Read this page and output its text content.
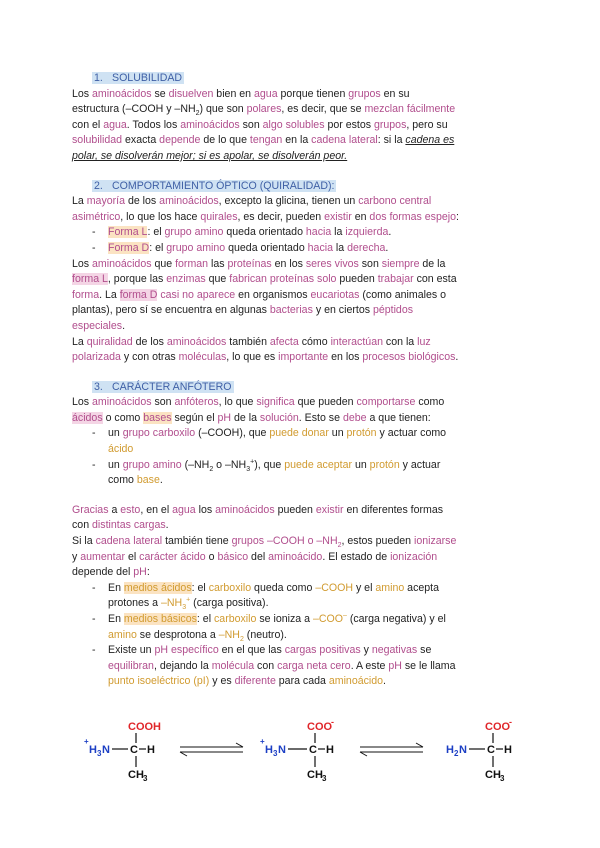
1. SOLUBILIDAD

Los aminoácidos se disuelven bien en agua porque tienen grupos en su

estructura (–COOH y $-NH_2$) que son polares, es decir, que se mezclan fácilmente

con el agua. Todos los aminoácidos son algo solubles por estos grupos, pero su

solubilidad exacta depende de lo que tengan en la cadena lateral: si la cadena es

polar, se disolverán mejor; si es apolar, se disolverán peor.

2. COMPORTAMIENTO ÓPTICO (QUIRALIDAD):

La mayoría de los aminoácidos, excepto la glicina, tienen un carbono central

asimétrico, lo que los hace quirales, es decir, pueden existir en dos formas espejo:

- Forma L: el grupo amino queda orientado hacia la izquierda.

- Forma D: el grupo amino queda orientado hacia la derecha.

Los aminoácidos que forman las proteínas en los seres vivos son siempre de la

forma L, porque las enzimas que fabrican proteínas solo pueden trabajar con esta

forma. La forma D casi no aparece en organismos eucariotas (como animales o

plantas), pero sí se encuentra en algunas bacterias y en ciertos péptidos

especiales.

La quiralidad de los aminoácidos también afecta cómo interactúan con la luz

polarizada y con otras moléculas, lo que es importante en los procesos biológicos.

3. CARÁCTER ANFÓTERO

Los aminoácidos son anfóteros, lo que significa que pueden comportarse como

ácidos o como bases según el pH de la solución. Esto se debe a que tienen:

- un grupo carboxilo (–COOH), que puede donar un protón y actuar como

ácido

- un grupo amino ($-NH_2$ o $-NH_3^+$), que puede aceptar un protón y actuar

como base.

Gracias a esto, en el agua los aminoácidos pueden existir en diferentes formas

con distintas cargas.

Si la cadena lateral también tiene grupos –COOH o $-NH_2$, estos pueden ionizarse

y aumentar el carácter ácido o básico del aminoácido. El estado de ionización

depende del pH:

- En medios ácidos: el carboxilo queda como –COOH y el amino acepta

protones a $-NH_3^+$ (carga positiva).

- En medios básicos: el carboxilo se ioniza a –COO– (carga negativa) y el

amino se desprotona a $-NH_2$ (neutro).

- Existe un pH específico en el que las cargas positivas y negativas se

equilibran, dejando la molécula con carga neta cero. A este pH se le llama

punto isoeléctrico (pI) y es diferente para cada aminoácido.

COOH
+
H 3 N C H
CH 3
COO
-
+
H 3 N C H
CH 3
COO
-
H 2 N C H
CH 3
